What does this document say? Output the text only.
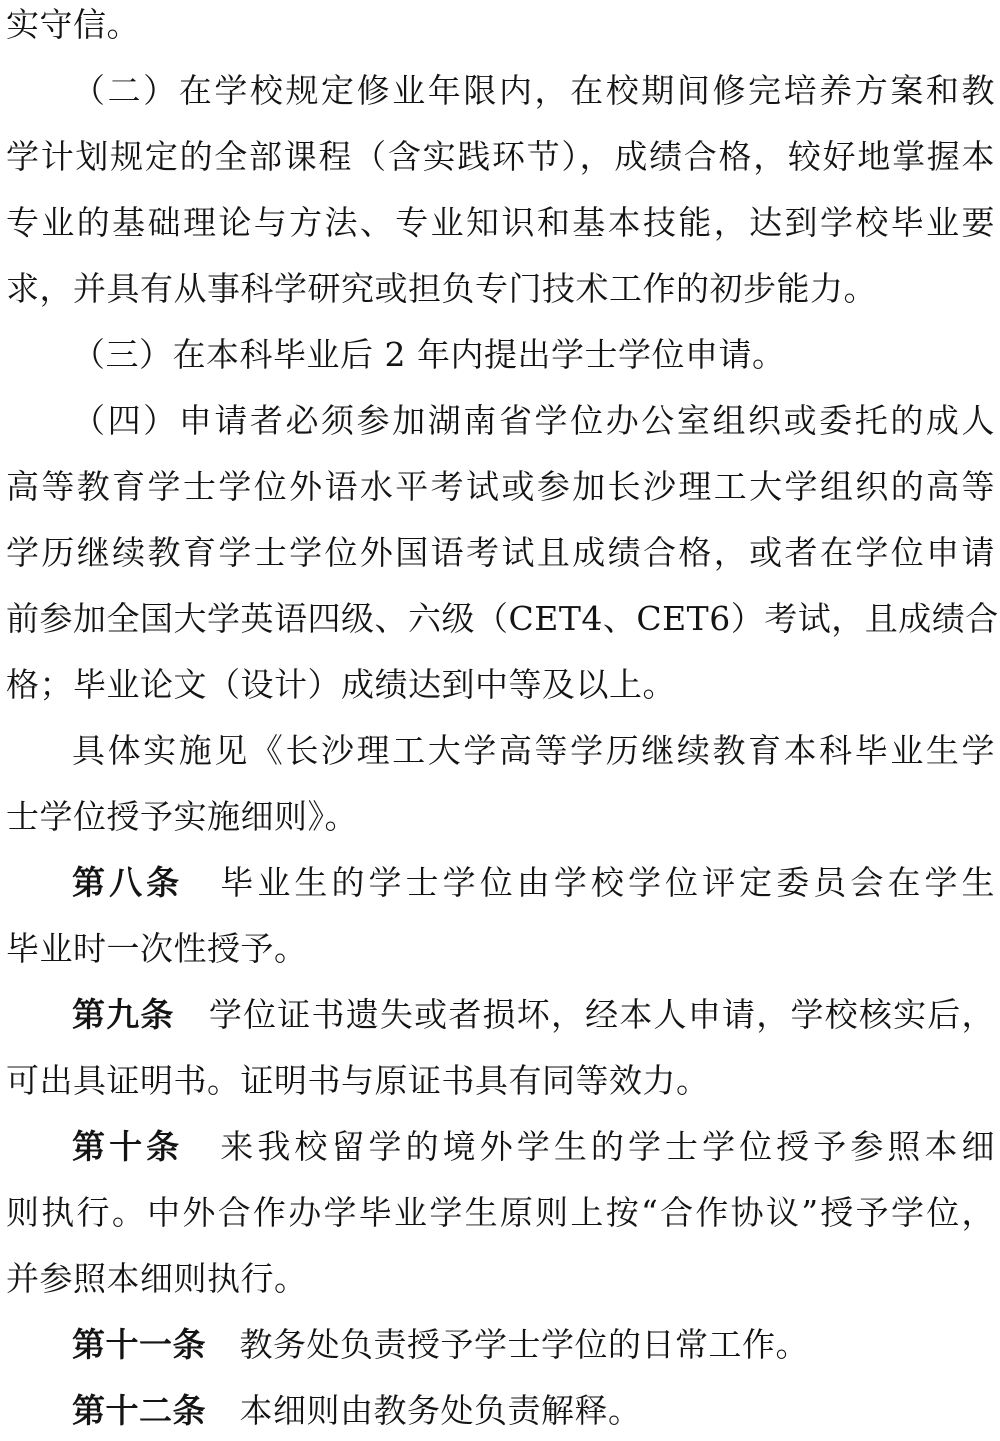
实守信。
（二）在学校规定修业年限内，在校期间修完培养方案和教
学计划规定的全部课程（含实践环节），成绩合格，较好地掌握本
专业的基础理论与方法、专业知识和基本技能，达到学校毕业要
求，并具有从事科学研究或担负专门技术工作的初步能力。
（三）在本科毕业后 2 年内提出学士学位申请。
（四）申请者必须参加湖南省学位办公室组织或委托的成人
高等教育学士学位外语水平考试或参加长沙理工大学组织的高等
学历继续教育学士学位外国语考试且成绩合格，或者在学位申请
前参加全国大学英语四级、六级（CET4、CET6）考试，且成绩合
格；毕业论文（设计）成绩达到中等及以上。
具体实施见《长沙理工大学高等学历继续教育本科毕业生学
士学位授予实施细则》。
第八条　毕业生的学士学位由学校学位评定委员会在学生
毕业时一次性授予。
第九条　学位证书遗失或者损坏，经本人申请，学校核实后，
可出具证明书。证明书与原证书具有同等效力。
第十条　来我校留学的境外学生的学士学位授予参照本细
则执行。中外合作办学毕业学生原则上按“合作协议”授予学位，
并参照本细则执行。
第十一条　教务处负责授予学士学位的日常工作。
第十二条　本细则由教务处负责解释。
